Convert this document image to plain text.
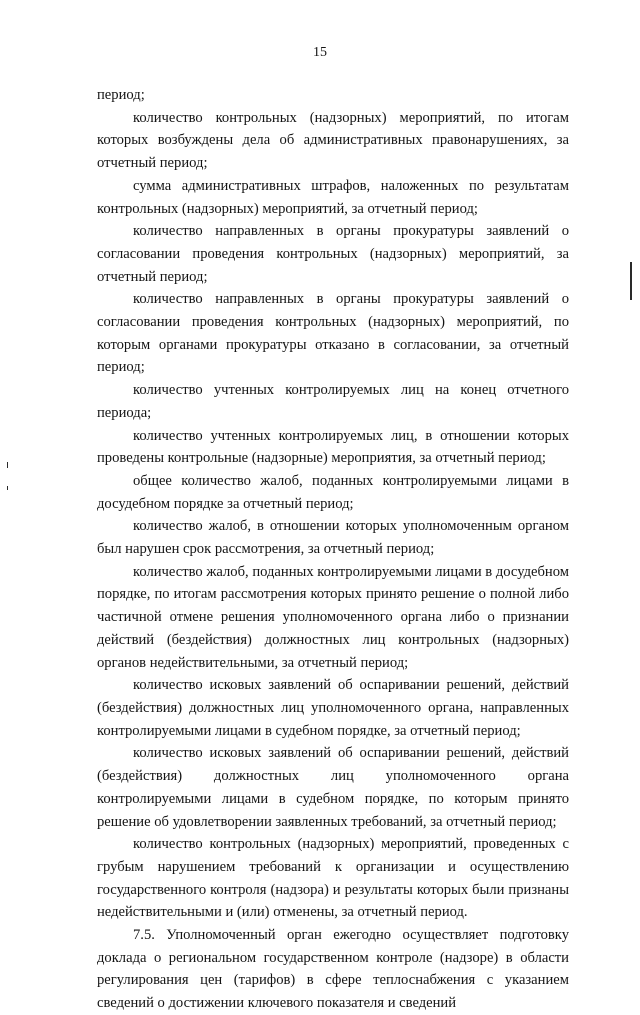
15

период;

количество контрольных (надзорных) мероприятий, по итогам которых возбуждены дела об административных правонарушениях, за отчетный период;

сумма административных штрафов, наложенных по результатам контрольных (надзорных) мероприятий, за отчетный период;

количество направленных в органы прокуратуры заявлений о согласовании проведения контрольных (надзорных) мероприятий, за отчетный период;

количество направленных в органы прокуратуры заявлений о согласовании проведения контрольных (надзорных) мероприятий, по которым органами прокуратуры отказано в согласовании, за отчетный период;

количество учтенных контролируемых лиц на конец отчетного периода;

количество учтенных контролируемых лиц, в отношении которых проведены контрольные (надзорные) мероприятия, за отчетный период;

общее количество жалоб, поданных контролируемыми лицами в досудебном порядке за отчетный период;

количество жалоб, в отношении которых уполномоченным органом был нарушен срок рассмотрения, за отчетный период;

количество жалоб, поданных контролируемыми лицами в досудебном порядке, по итогам рассмотрения которых принято решение о полной либо частичной отмене решения уполномоченного органа либо о признании действий (бездействия) должностных лиц контрольных (надзорных) органов недействительными, за отчетный период;

количество исковых заявлений об оспаривании решений, действий (бездействия) должностных лиц уполномоченного органа, направленных контролируемыми лицами в судебном порядке, за отчетный период;

количество исковых заявлений об оспаривании решений, действий (бездействия) должностных лиц уполномоченного органа контролируемыми лицами в судебном порядке, по которым принято решение об удовлетворении заявленных требований, за отчетный период;

количество контрольных (надзорных) мероприятий, проведенных с грубым нарушением требований к организации и осуществлению государственного контроля (надзора) и результаты которых были признаны недействительными и (или) отменены, за отчетный период.

7.5. Уполномоченный орган ежегодно осуществляет подготовку доклада о региональном государственном контроле (надзоре) в области регулирования цен (тарифов) в сфере теплоснабжения с указанием сведений о достижении ключевого показателя и сведений
